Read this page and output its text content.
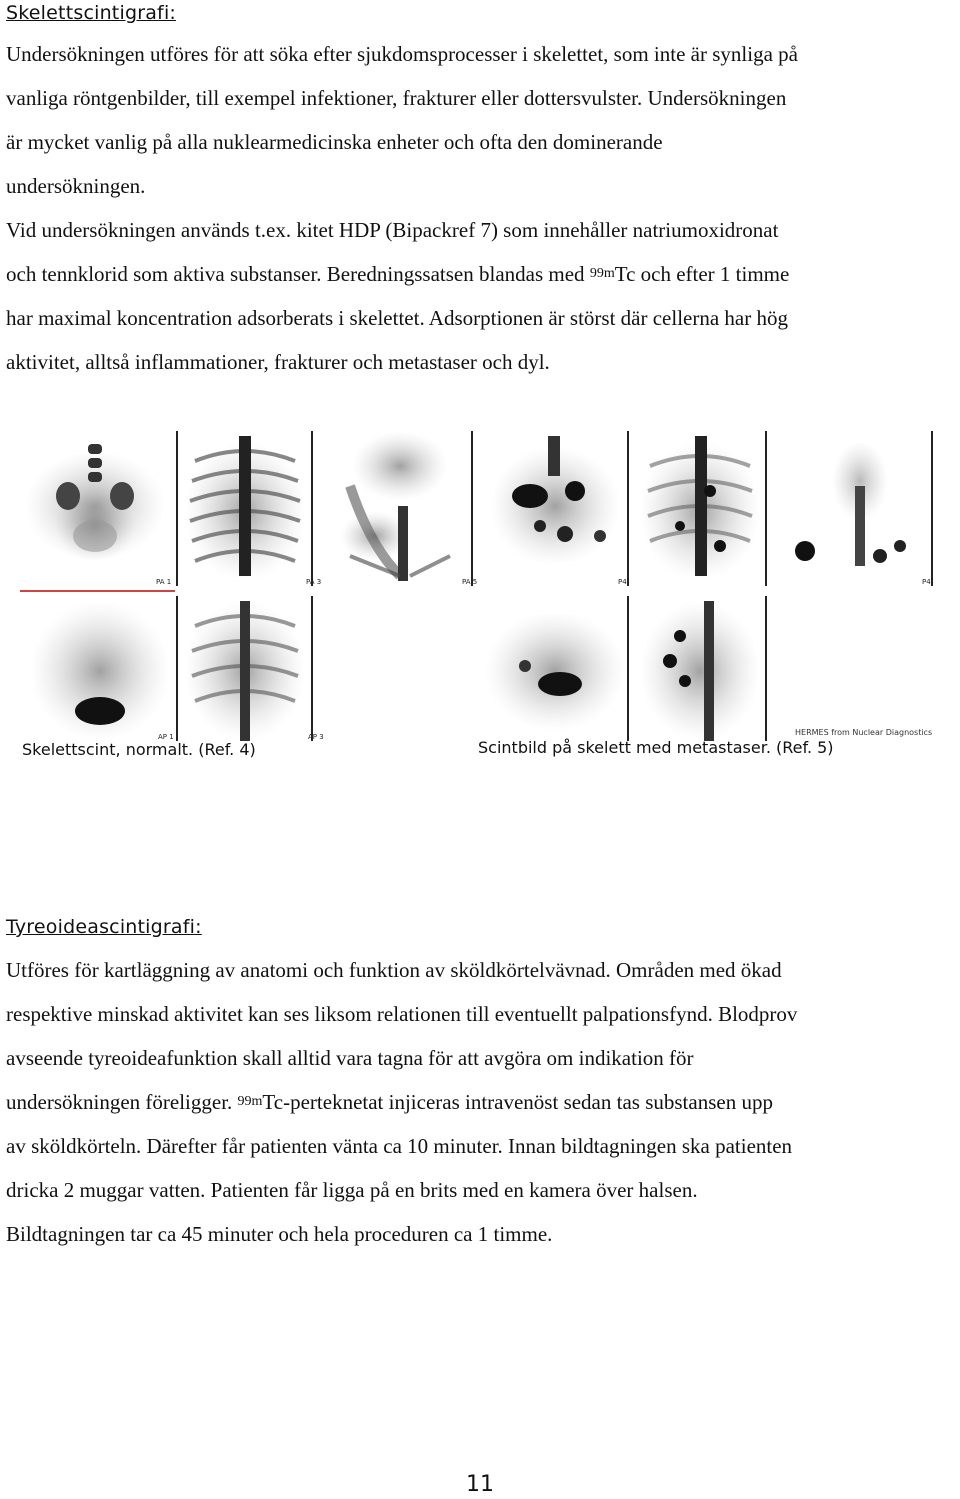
Skelettscintigrafi:
Undersökningen utföres för att söka efter sjukdomsprocesser i skelettet, som inte är synliga på
vanliga röntgenbilder, till exempel infektioner, frakturer eller dottersvulster. Undersökningen
är mycket vanlig på alla nuklearmedicinska enheter och ofta den dominerande
undersökningen.
Vid undersökningen används t.ex. kitet HDP (Bipackref 7) som innehåller natriumoxidronat
och tennklorid som aktiva substanser. Beredningssatsen blandas med $^{99m}$Tc och efter 1 timme
har maximal koncentration adsorberats i skelettet. Adsorptionen är störst där cellerna har hög
aktivitet, alltså inflammationer, frakturer och metastaser och dyl.
PA 1	PA 3	PA 5	P4	P4
AP 1	AP 3	HERMES from Nuclear Diagnostics
Skelettscint, normalt. (Ref. 4)	Scintbild på skelett med metastaser. (Ref. 5)
Tyreoideascintigrafi:
Utföres för kartläggning av anatomi och funktion av sköldkörtelvävnad. Områden med ökad
respektive minskad aktivitet kan ses liksom relationen till eventuellt palpationsfynd. Blodprov
avseende tyreoideafunktion skall alltid vara tagna för att avgöra om indikation för
undersökningen föreligger. $^{99m}$Tc-perteknetat injiceras intravenöst sedan tas substansen upp
av sköldkörteln. Därefter får patienten vänta ca 10 minuter. Innan bildtagningen ska patienten
dricka 2 muggar vatten. Patienten får ligga på en brits med en kamera över halsen.
Bildtagningen tar ca 45 minuter och hela proceduren ca 1 timme.
11
